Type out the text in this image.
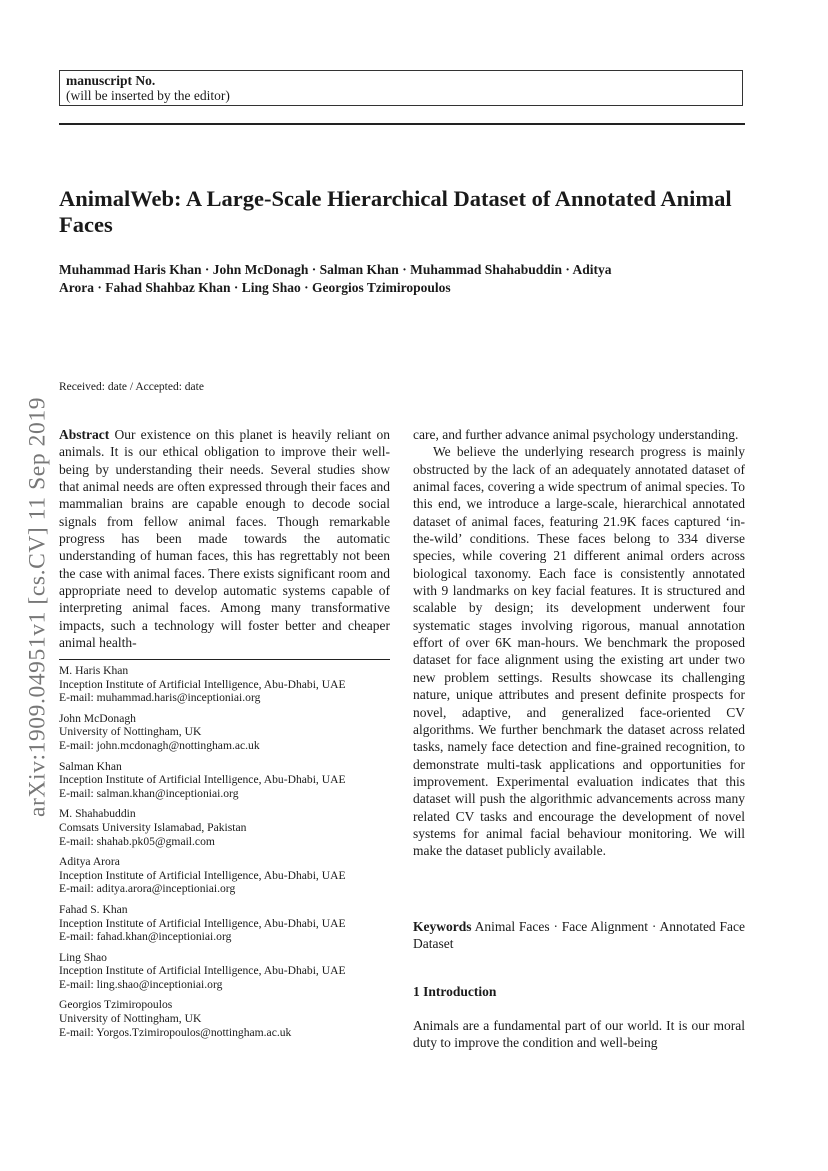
arXiv:1909.04951v1 [cs.CV] 11 Sep 2019
manuscript No.
(will be inserted by the editor)
AnimalWeb: A Large-Scale Hierarchical Dataset of Annotated Animal Faces

Muhammad Haris Khan · John McDonagh · Salman Khan · Muhammad Shahabuddin · Aditya Arora · Fahad Shahbaz Khan · Ling Shao · Georgios Tzimiropoulos

Received: date / Accepted: date

Abstract Our existence on this planet is heavily reliant on animals. It is our ethical obligation to improve their well-being by understanding their needs. Several studies show that animal needs are often expressed through their faces and mammalian brains are capable enough to decode social signals from fellow animal faces. Though remarkable progress has been made towards the automatic understanding of human faces, this has regrettably not been the case with animal faces. There exists significant room and appropriate need to develop automatic systems capable of interpreting animal faces. Among many transformative impacts, such a technology will foster better and cheaper animal health-

M. Haris Khan
Inception Institute of Artificial Intelligence, Abu-Dhabi, UAE
E-mail: muhammad.haris@inceptioniai.org
John McDonagh
University of Nottingham, UK
E-mail: john.mcdonagh@nottingham.ac.uk
Salman Khan
Inception Institute of Artificial Intelligence, Abu-Dhabi, UAE
E-mail: salman.khan@inceptioniai.org
M. Shahabuddin
Comsats University Islamabad, Pakistan
E-mail: shahab.pk05@gmail.com
Aditya Arora
Inception Institute of Artificial Intelligence, Abu-Dhabi, UAE
E-mail: aditya.arora@inceptioniai.org
Fahad S. Khan
Inception Institute of Artificial Intelligence, Abu-Dhabi, UAE
E-mail: fahad.khan@inceptioniai.org
Ling Shao
Inception Institute of Artificial Intelligence, Abu-Dhabi, UAE
E-mail: ling.shao@inceptioniai.org
Georgios Tzimiropoulos
University of Nottingham, UK
E-mail: Yorgos.Tzimiropoulos@nottingham.ac.uk

care, and further advance animal psychology understanding.

We believe the underlying research progress is mainly obstructed by the lack of an adequately annotated dataset of animal faces, covering a wide spectrum of animal species. To this end, we introduce a large-scale, hierarchical annotated dataset of animal faces, featuring 21.9K faces captured ‘in-the-wild’ conditions. These faces belong to 334 diverse species, while covering 21 different animal orders across biological taxonomy. Each face is consistently annotated with 9 landmarks on key facial features. It is structured and scalable by design; its development underwent four systematic stages involving rigorous, manual annotation effort of over 6K man-hours. We benchmark the proposed dataset for face alignment using the existing art under two new problem settings. Results showcase its challenging nature, unique attributes and present definite prospects for novel, adaptive, and generalized face-oriented CV algorithms. We further benchmark the dataset across related tasks, namely face detection and fine-grained recognition, to demonstrate multi-task applications and opportunities for improvement. Experimental evaluation indicates that this dataset will push the algorithmic advancements across many related CV tasks and encourage the development of novel systems for animal facial behaviour monitoring. We will make the dataset publicly available.

Keywords Animal Faces · Face Alignment · Annotated Face Dataset
1 Introduction

Animals are a fundamental part of our world. It is our moral duty to improve the condition and well-being
